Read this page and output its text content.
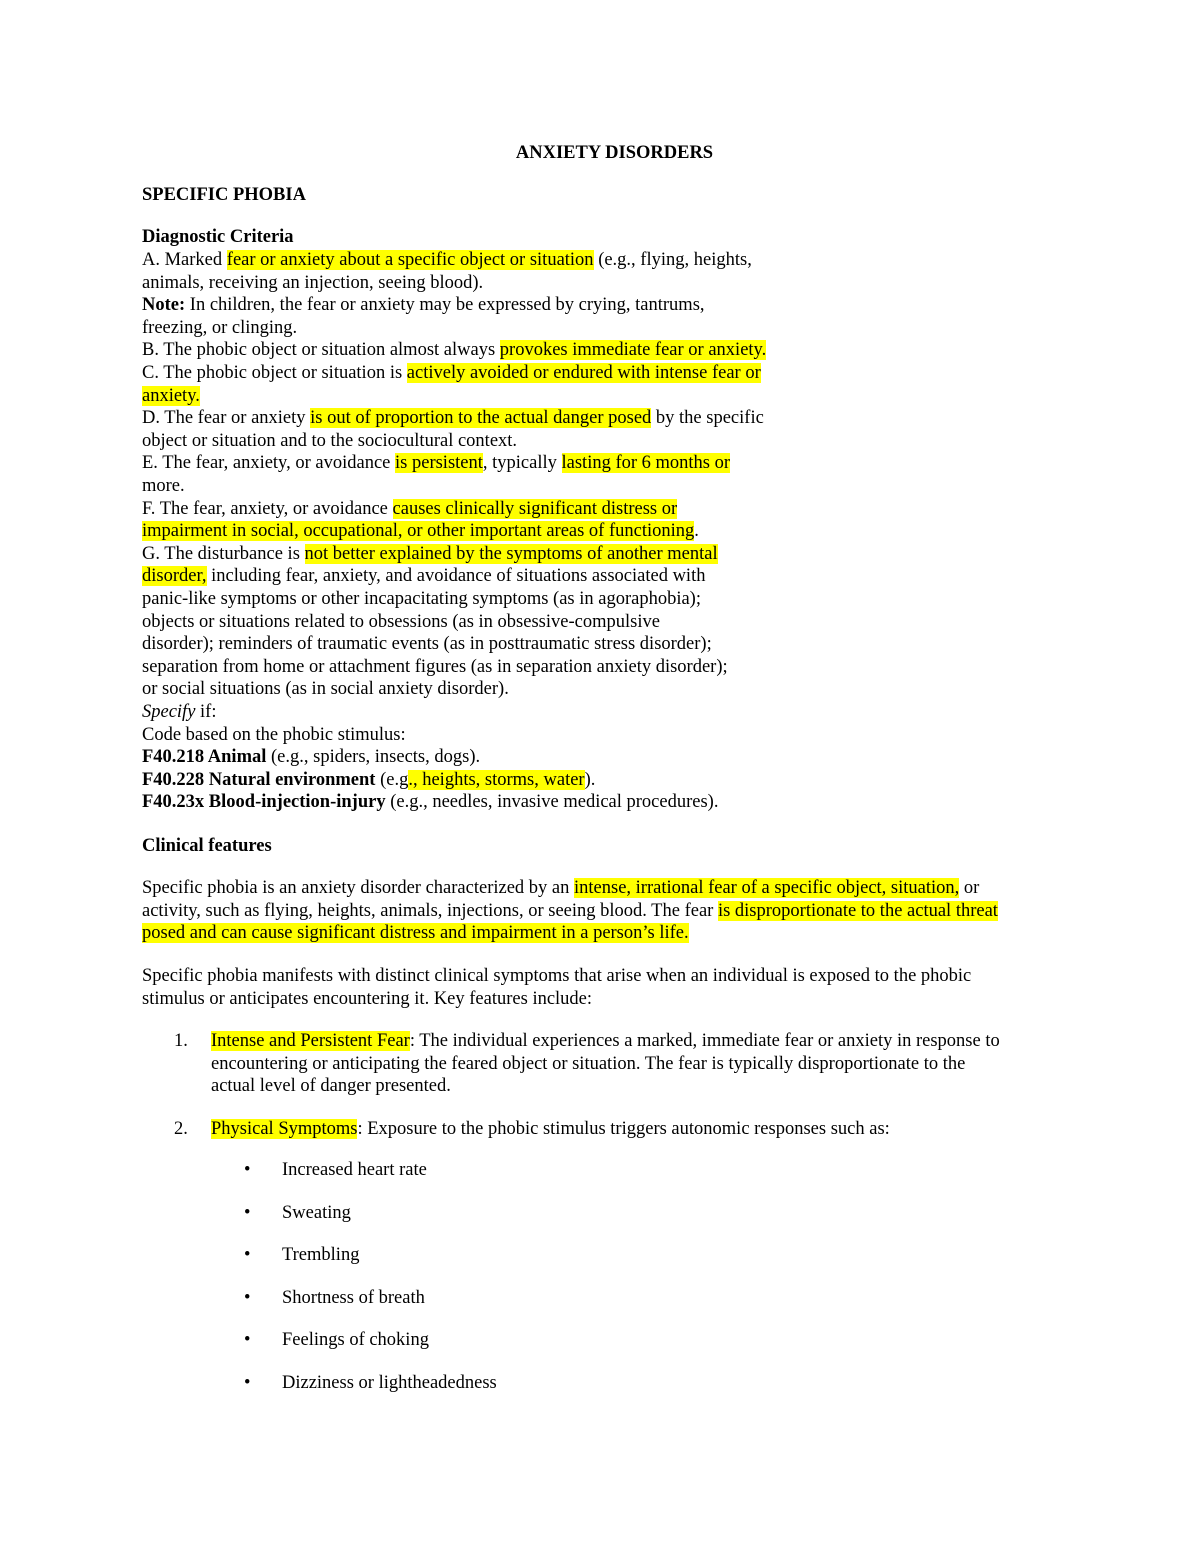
ANXIETY DISORDERS
SPECIFIC PHOBIA
Diagnostic Criteria
A. Marked fear or anxiety about a specific object or situation (e.g., flying, heights,
animals, receiving an injection, seeing blood).
Note: In children, the fear or anxiety may be expressed by crying, tantrums,
freezing, or clinging.
B. The phobic object or situation almost always provokes immediate fear or anxiety.
C. The phobic object or situation is actively avoided or endured with intense fear or
anxiety.
D. The fear or anxiety is out of proportion to the actual danger posed by the specific
object or situation and to the sociocultural context.
E. The fear, anxiety, or avoidance is persistent, typically lasting for 6 months or
more.
F. The fear, anxiety, or avoidance causes clinically significant distress or
impairment in social, occupational, or other important areas of functioning.
G. The disturbance is not better explained by the symptoms of another mental
disorder, including fear, anxiety, and avoidance of situations associated with
panic-like symptoms or other incapacitating symptoms (as in agoraphobia);
objects or situations related to obsessions (as in obsessive-compulsive
disorder); reminders of traumatic events (as in posttraumatic stress disorder);
separation from home or attachment figures (as in separation anxiety disorder);
or social situations (as in social anxiety disorder).
Specify if:
Code based on the phobic stimulus:
F40.218 Animal (e.g., spiders, insects, dogs).
F40.228 Natural environment (e.g., heights, storms, water).
F40.23x Blood-injection-injury (e.g., needles, invasive medical procedures).
Clinical features
Specific phobia is an anxiety disorder characterized by an intense, irrational fear of a specific object, situation, or
activity, such as flying, heights, animals, injections, or seeing blood. The fear is disproportionate to the actual threat
posed and can cause significant distress and impairment in a person’s life.
Specific phobia manifests with distinct clinical symptoms that arise when an individual is exposed to the phobic
stimulus or anticipates encountering it. Key features include:
1. Intense and Persistent Fear: The individual experiences a marked, immediate fear or anxiety in response to
encountering or anticipating the feared object or situation. The fear is typically disproportionate to the
actual level of danger presented.
2. Physical Symptoms: Exposure to the phobic stimulus triggers autonomic responses such as:
• Increased heart rate
• Sweating
• Trembling
• Shortness of breath
• Feelings of choking
• Dizziness or lightheadedness
